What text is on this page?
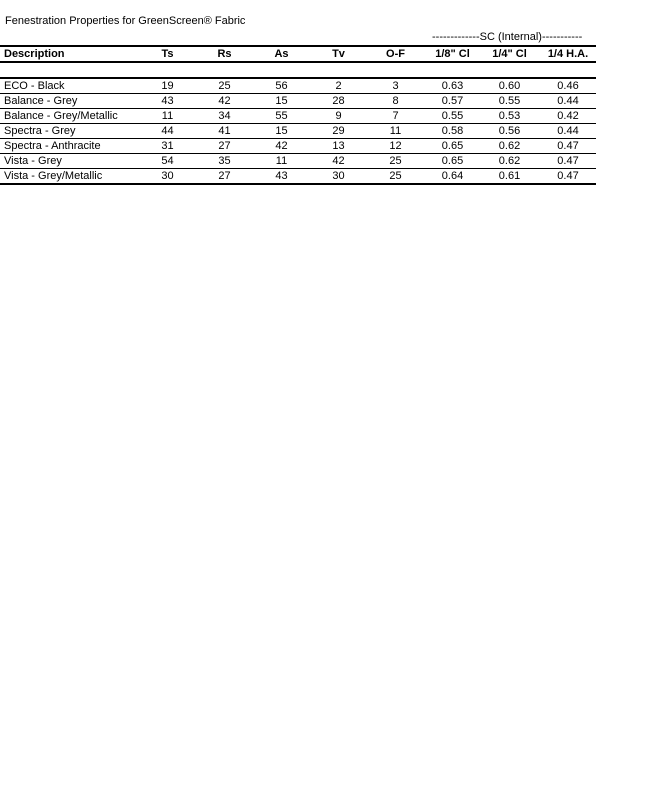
Fenestration Properties for GreenScreen® Fabric
-------------SC (Internal)-----------
Description	Ts	Rs	As	Tv	O-F	1/8" Cl	1/4" Cl	1/4 H.A.

ECO - Black	19	25	56	2	3	0.63	0.60	0.46
Balance - Grey	43	42	15	28	8	0.57	0.55	0.44
Balance - Grey/Metallic	11	34	55	9	7	0.55	0.53	0.42
Spectra - Grey	44	41	15	29	11	0.58	0.56	0.44
Spectra - Anthracite	31	27	42	13	12	0.65	0.62	0.47
Vista - Grey	54	35	11	42	25	0.65	0.62	0.47
Vista - Grey/Metallic	30	27	43	30	25	0.64	0.61	0.47
